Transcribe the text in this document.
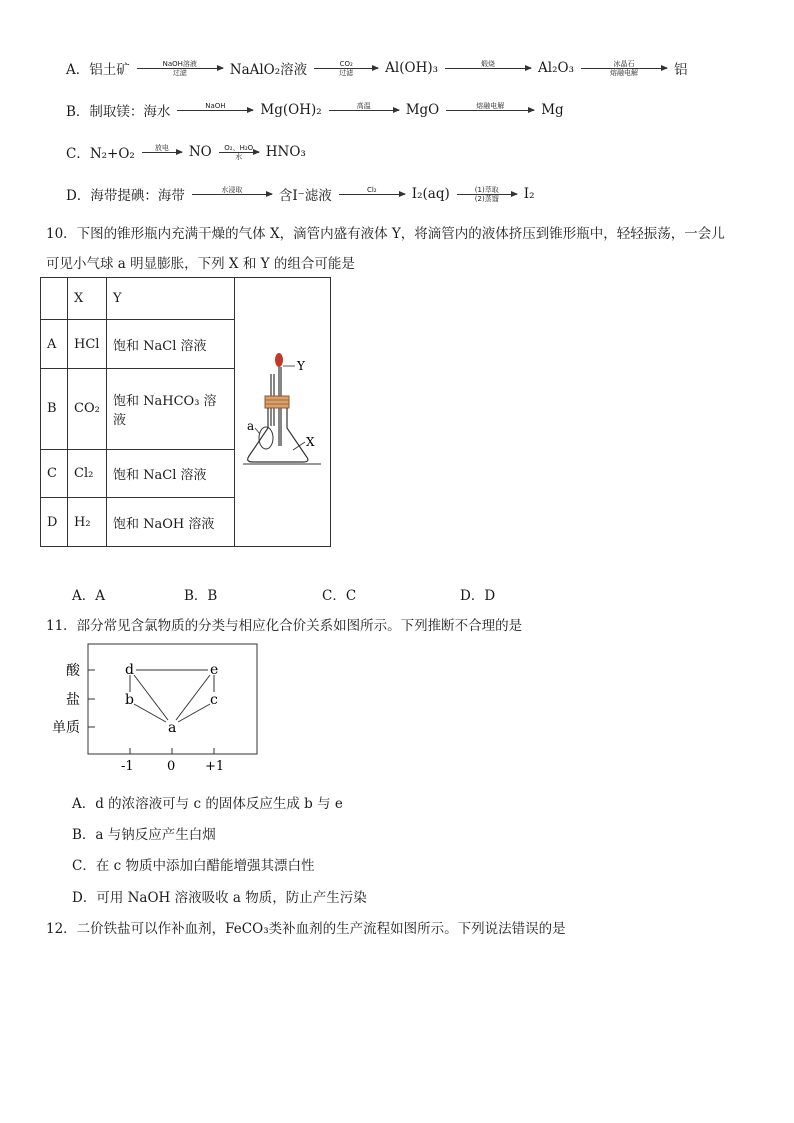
A．铝土矿	NaOH溶液
过滤	NaAlO₂溶液	CO₂
过滤 Al(OH)₃	煅烧	Al₂O₃	冰晶石
熔融电解	铝
B．制取镁：海水	NaOH	Mg(OH)₂	高温	MgO	熔融电解	Mg
C．N₂+O₂	放电 NO O₂、H₂O
水 HNO₃
D．海带提碘：海带	水浸取	含I⁻滤液	Cl₂	I₂(aq)	(1)萃取
(2)蒸馏 I₂
10．下图的锥形瓶内充满干燥的气体 X，滴管内盛有液体 Y，将滴管内的液体挤压到锥形瓶中，轻轻振荡，一会儿
可见小气球 a 明显膨胀，下列 X 和 Y 的组合可能是
	X	Y	Y
a
X

A	HCl	饱和 NaCl 溶液	
B	CO₂	饱和 NaHCO₃ 溶液	
C	Cl₂	饱和 NaCl 溶液	
D	H₂	饱和 NaOH 溶液	
A．A	B．B	C．C	D．D
11．部分常见含氯物质的分类与相应化合价关系如图所示。下列推断不合理的是
酸
盐
单质
-1	0 +1
d	e
b	c
a
A．d 的浓溶液可与 c 的固体反应生成 b 与 e
B．a 与钠反应产生白烟
C．在 c 物质中添加白醋能增强其漂白性
D．可用 NaOH 溶液吸收 a 物质，防止产生污染
12．二价铁盐可以作补血剂，FeCO₃类补血剂的生产流程如图所示。下列说法错误的是
